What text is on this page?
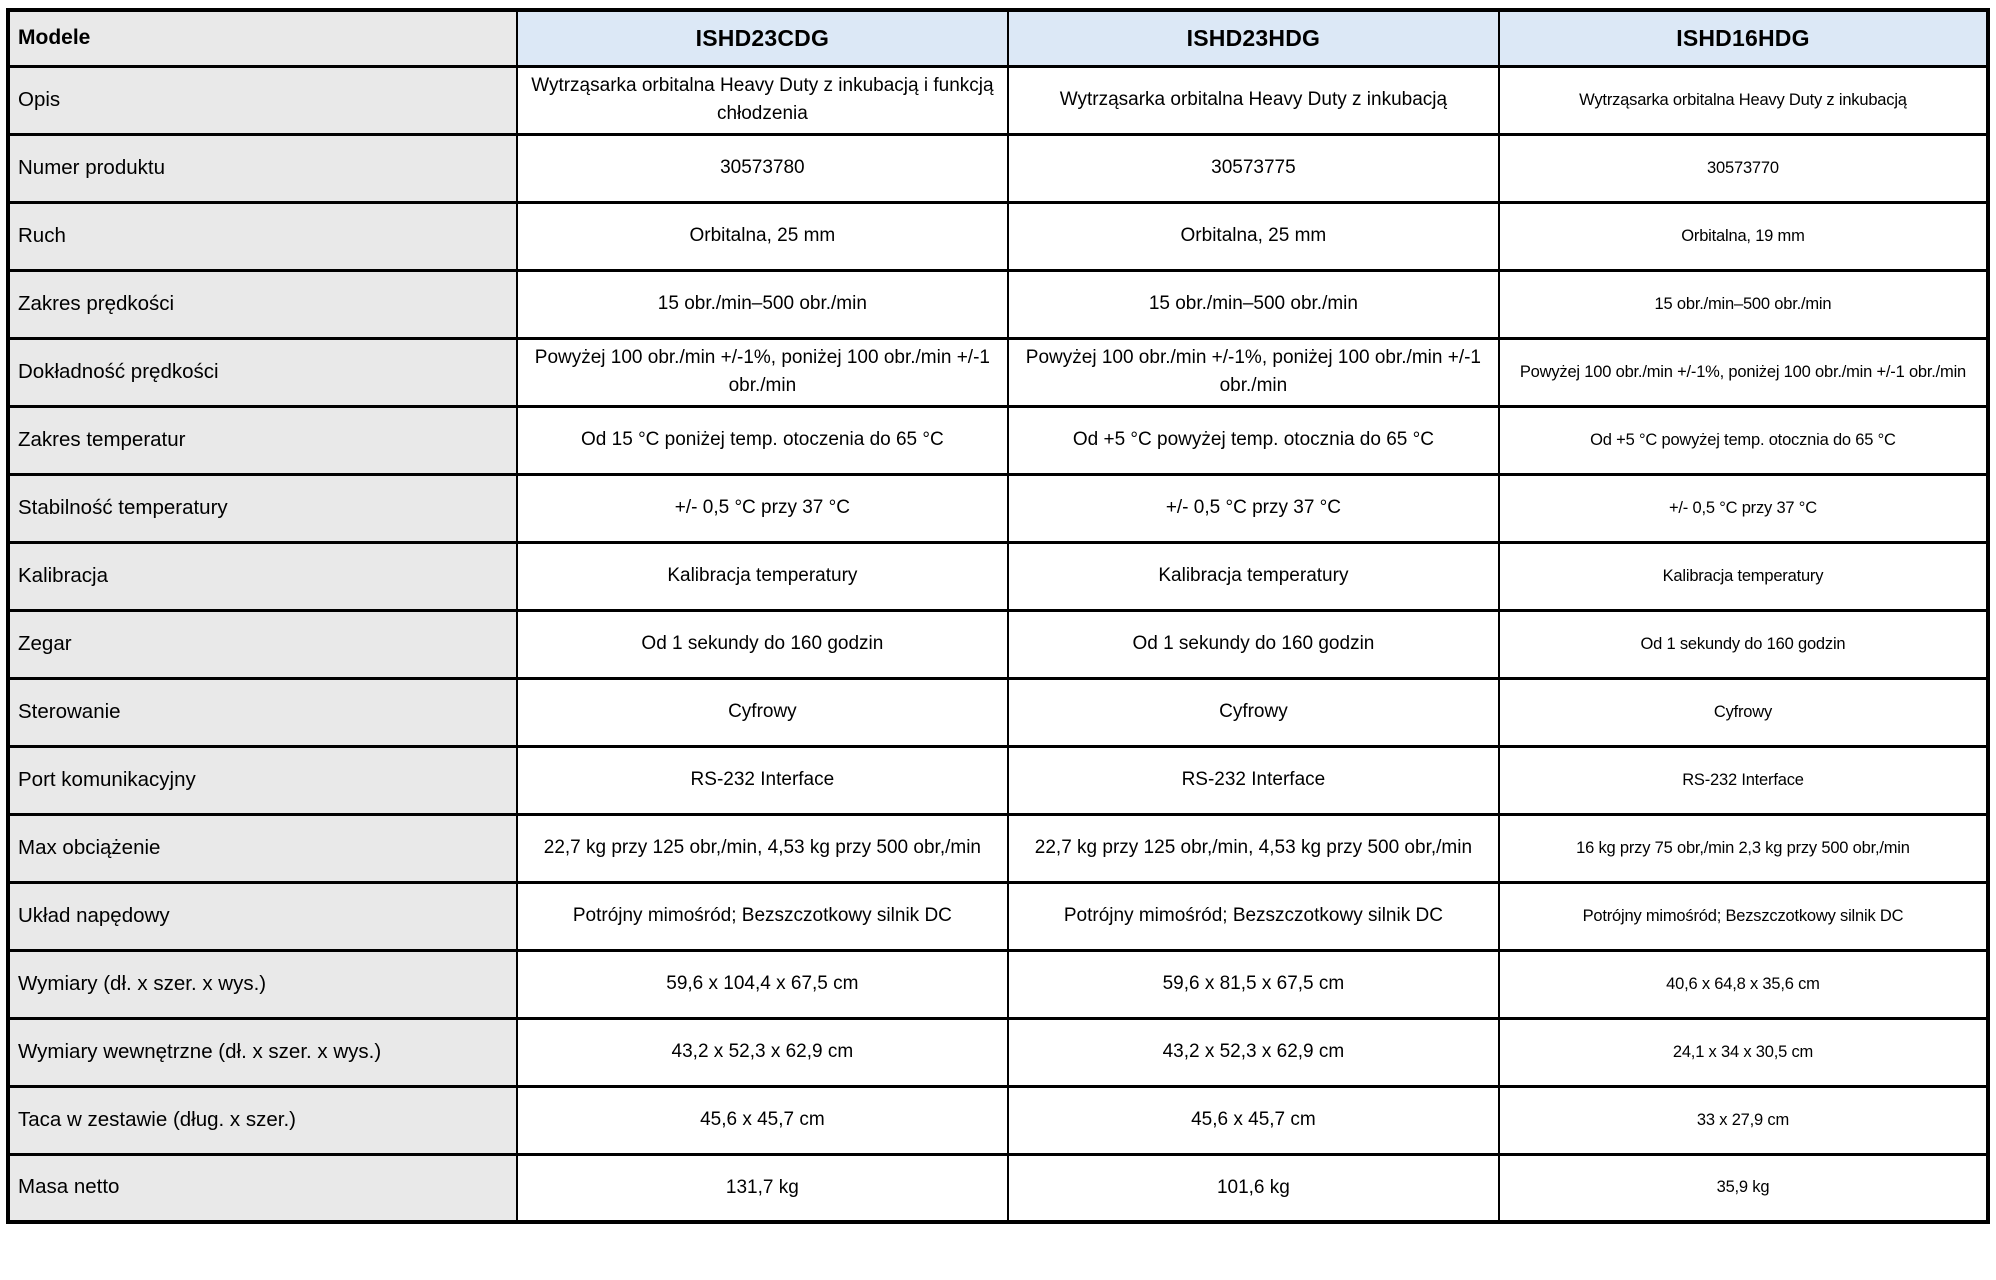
Modele	ISHD23CDG	ISHD23HDG	ISHD16HDG
Opis	Wytrząsarka orbitalna Heavy Duty z inkubacją i funkcją chłodzenia	Wytrząsarka orbitalna Heavy Duty z inkubacją	Wytrząsarka orbitalna Heavy Duty z inkubacją
Numer produktu	30573780	30573775	30573770
Ruch	Orbitalna, 25 mm	Orbitalna, 25 mm	Orbitalna, 19 mm
Zakres prędkości	15 obr./min–500 obr./min	15 obr./min–500 obr./min	15 obr./min–500 obr./min
Dokładność prędkości	Powyżej 100 obr./min +/-1%, poniżej 100 obr./min +/-1 obr./min	Powyżej 100 obr./min +/-1%, poniżej 100 obr./min +/-1 obr./min	Powyżej 100 obr./min +/-1%, poniżej 100 obr./min +/-1 obr./min
Zakres temperatur	Od 15 °C poniżej temp. otoczenia do 65 °C	Od +5 °C powyżej temp. otocznia do 65 °C	Od +5 °C powyżej temp. otocznia do 65 °C
Stabilność temperatury	+/- 0,5 °C przy 37 °C	+/- 0,5 °C przy 37 °C	+/- 0,5 °C przy 37 °C
Kalibracja	Kalibracja temperatury	Kalibracja temperatury	Kalibracja temperatury
Zegar	Od 1 sekundy do 160 godzin	Od 1 sekundy do 160 godzin	Od 1 sekundy do 160 godzin
Sterowanie	Cyfrowy	Cyfrowy	Cyfrowy
Port komunikacyjny	RS-232 Interface	RS-232 Interface	RS-232 Interface
Max obciążenie	22,7 kg przy 125 obr,/min, 4,53 kg przy 500 obr,/min	22,7 kg przy 125 obr,/min, 4,53 kg przy 500 obr,/min	16 kg przy 75 obr,/min 2,3 kg przy 500 obr,/min
Układ napędowy	Potrójny mimośród; Bezszczotkowy silnik DC	Potrójny mimośród; Bezszczotkowy silnik DC	Potrójny mimośród; Bezszczotkowy silnik DC
Wymiary (dł. x szer. x wys.)	59,6 x 104,4 x 67,5 cm	59,6 x 81,5 x 67,5 cm	40,6 x 64,8 x 35,6 cm
Wymiary wewnętrzne (dł. x szer. x wys.)	43,2 x 52,3 x 62,9 cm	43,2 x 52,3 x 62,9 cm	24,1 x 34 x 30,5 cm
Taca w zestawie (dług. x szer.)	45,6 x 45,7 cm	45,6 x 45,7 cm	33 x 27,9 cm
Masa netto	131,7 kg	101,6 kg	35,9 kg
